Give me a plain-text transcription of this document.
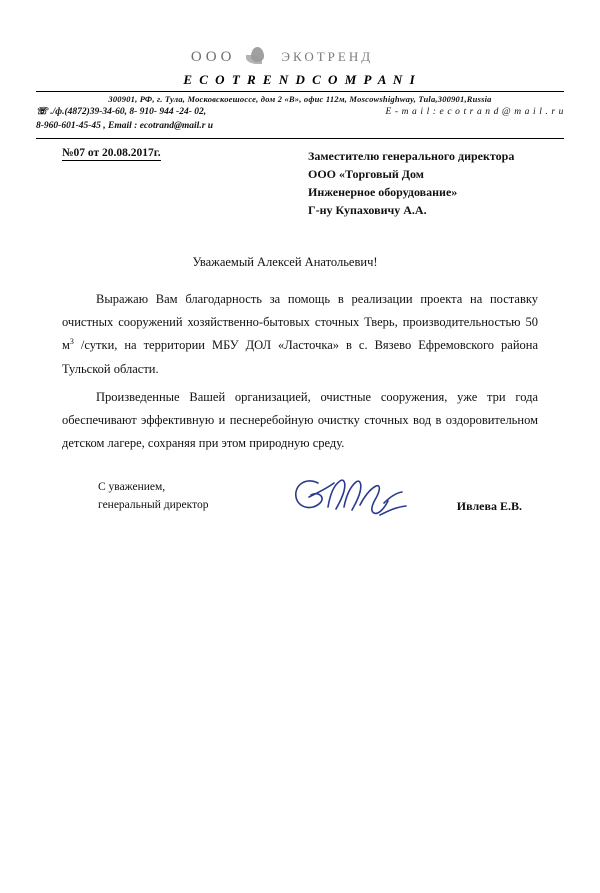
ООО	ЭКОТРЕНД
E C O T R E N D C O M P A N I
300901, РФ, г. Тула, Московскоешоссе, дом 2 «В», офис 112м, Moscowshighway, Tula,300901,Russia
☏ ./ф.(4872)39-34-60, 8- 910- 944 -24- 02,
8-960-601-45-45 , Email : ecotrand@mail.r u
E - m a i l : e c o t r a n d @ m a i l . r u
№07 от 20.08.2017г.	Заместителю генерального директора
ООО «Торговый Дом
Инженерное оборудование»
Г-ну Купаховичу А.А.
Уважаемый Алексей Анатольевич!

Выражаю Вам благодарность за помощь в реализации проекта на поставку очистных сооружений хозяйственно-бытовых сточных Тверь, производительностью 50 $м^3$ /сутки, на территории МБУ ДОЛ «Ласточка» в с. Вязево Ефремовского района Тульской области.

Произведенные Вашей организацией, очистные сооружения, уже три года обеспечивают эффективную и песнеребойную очистку сточных вод в оздоровительном детском лагере, сохраняя при этом природную среду.

С уважением,
генеральный директор	Ивлева Е.В.
